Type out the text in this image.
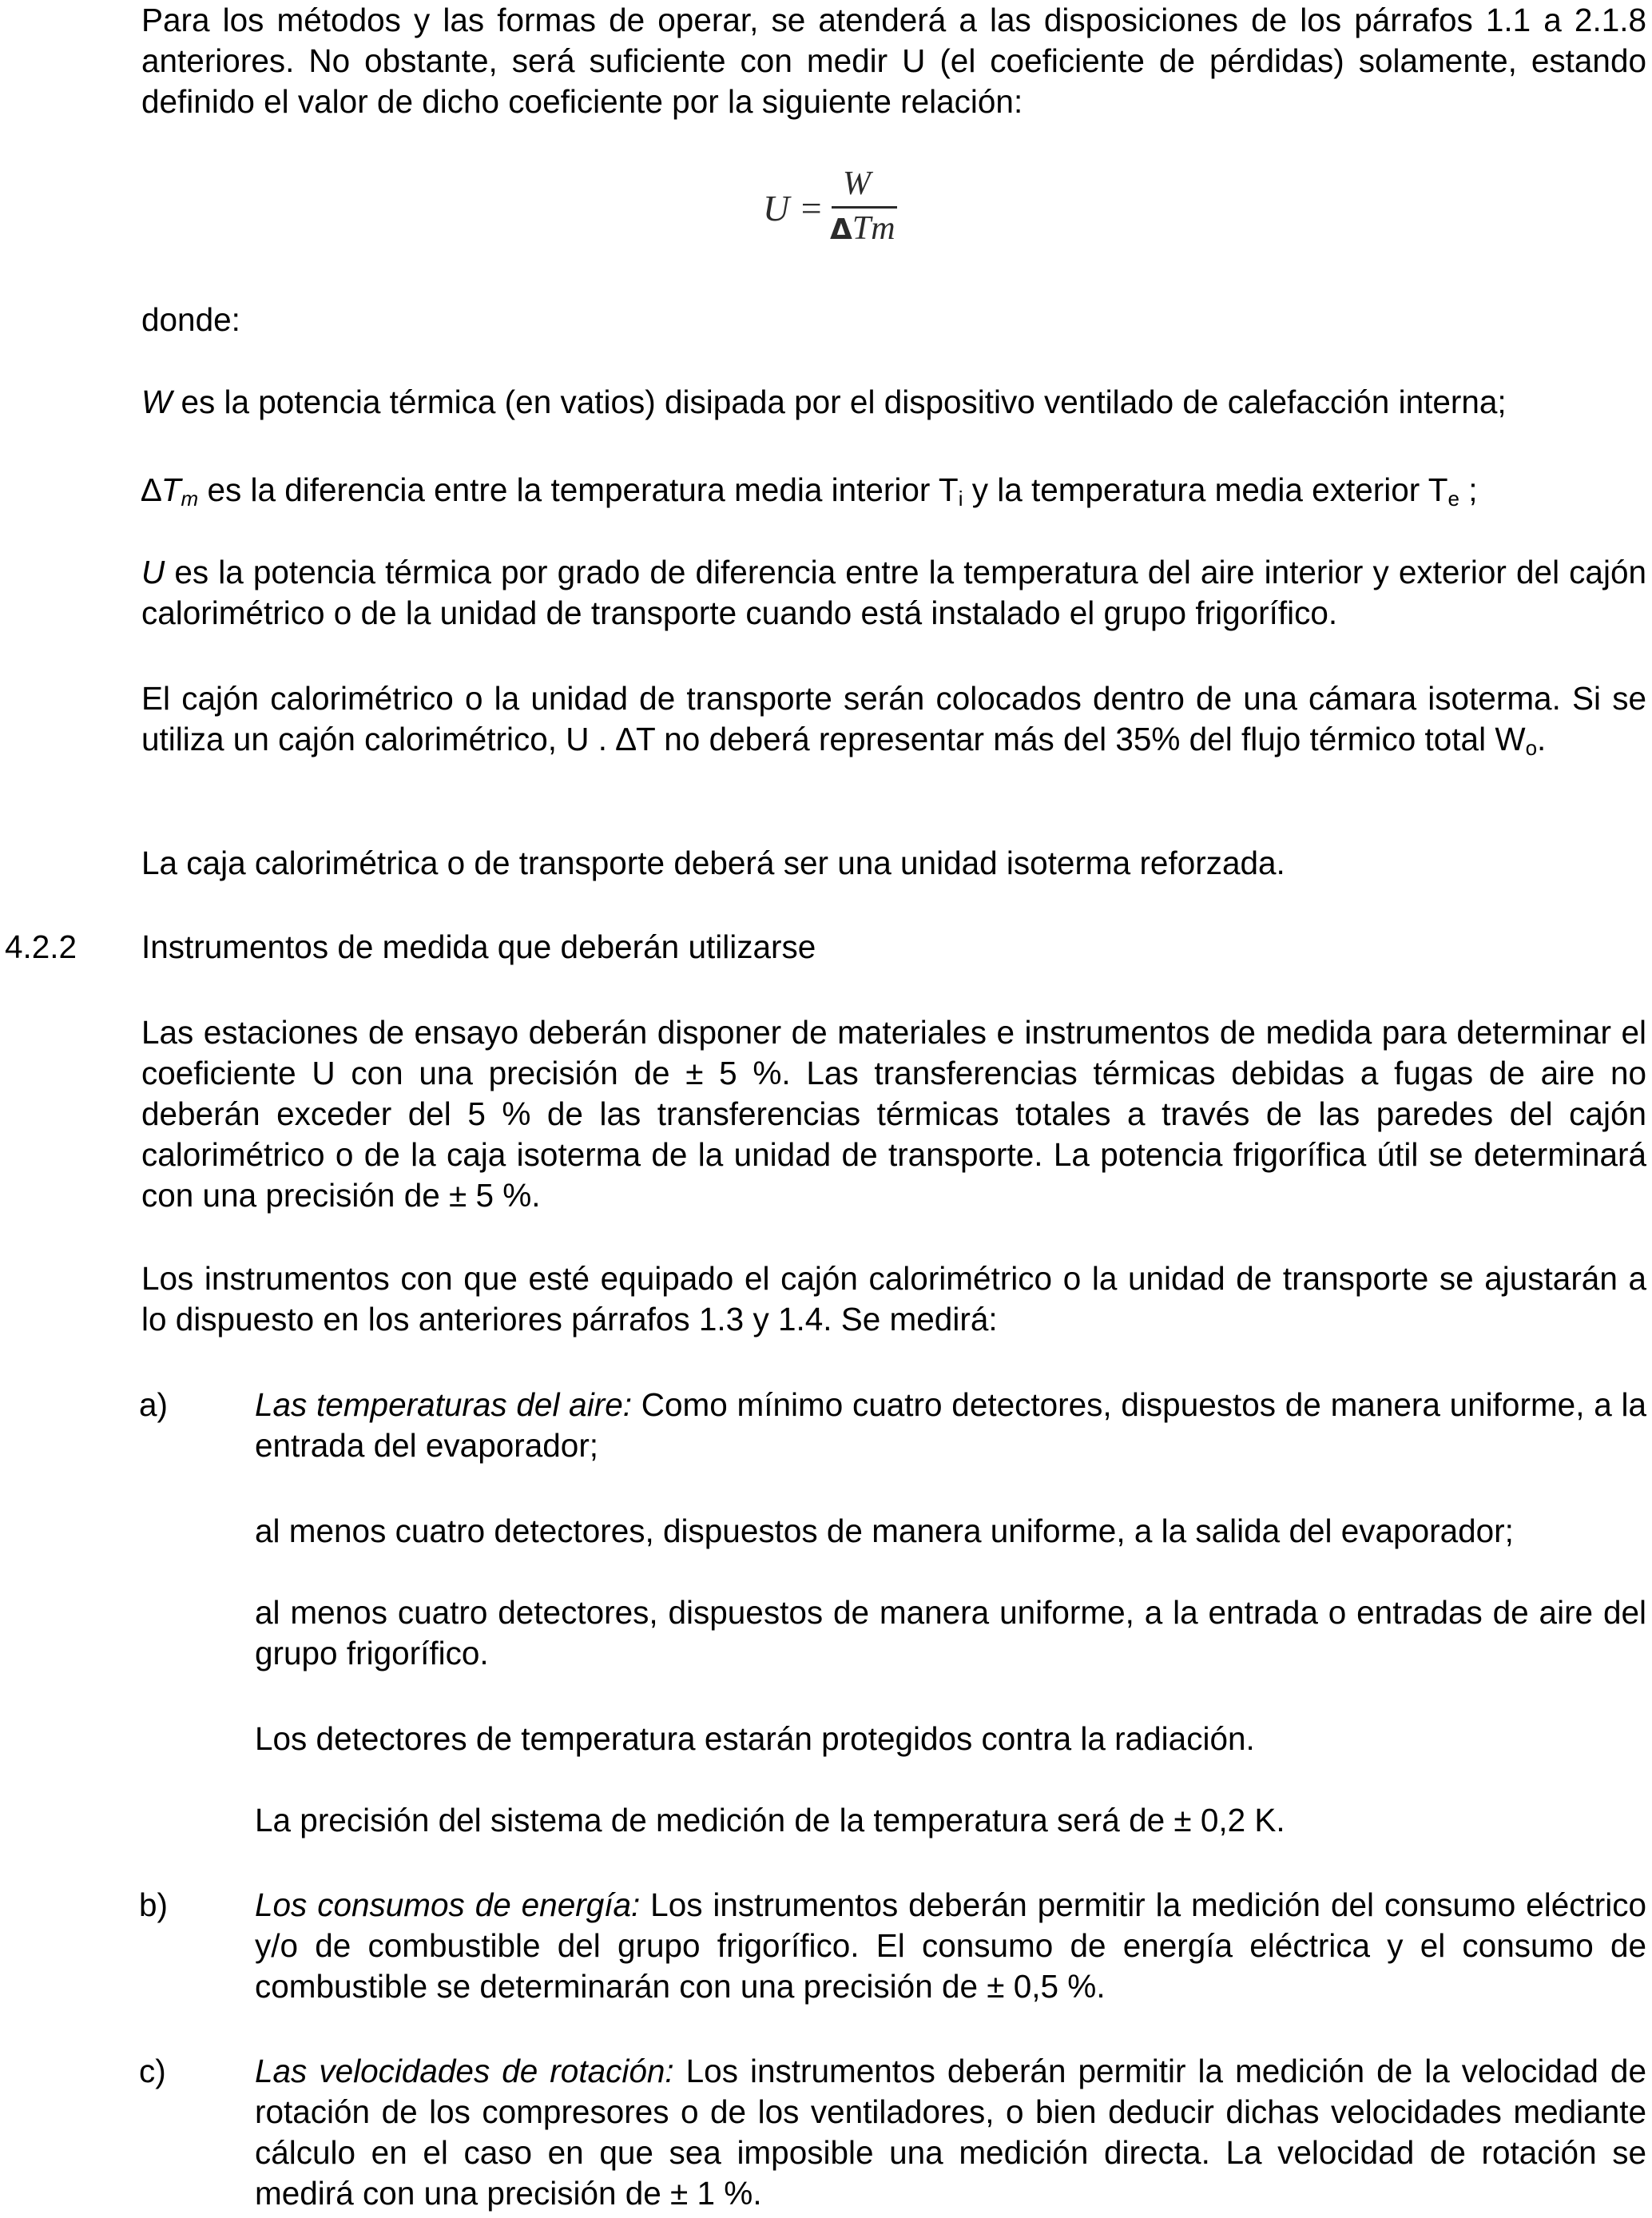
Para los métodos y las formas de operar, se atenderá a las disposiciones de los párrafos 1.1 a 2.1.8 anteriores. No obstante, será suficiente con medir U (el coeficiente de pérdidas) solamente, estando definido el valor de dicho coeficiente por la siguiente relación:

U =
W
ΔTm

donde:

W es la potencia térmica (en vatios) disipada por el dispositivo ventilado de calefacción interna;

$\Delta T_m$ es la diferencia entre la temperatura media interior $T_i$ y la temperatura media exterior $T_e$ ;

U es la potencia térmica por grado de diferencia entre la temperatura del aire interior y exterior del cajón calorimétrico o de la unidad de transporte cuando está instalado el grupo frigorífico.

El cajón calorimétrico o la unidad de transporte serán colocados dentro de una cámara isoterma. Si se utiliza un cajón calorimétrico, U . ∆T no deberá representar más del 35% del flujo térmico total $W_o$.

La caja calorimétrica o de transporte deberá ser una unidad isoterma reforzada.

4.2.2 Instrumentos de medida que deberán utilizarse

Las estaciones de ensayo deberán disponer de materiales e instrumentos de medida para determinar el coeficiente U con una precisión de ± 5 %. Las transferencias térmicas debidas a fugas de aire no deberán exceder del 5 % de las transferencias térmicas totales a través de las paredes del cajón calorimétrico o de la caja isoterma de la unidad de transporte. La potencia frigorífica útil se determinará con una precisión de ± 5 %.

Los instrumentos con que esté equipado el cajón calorimétrico o la unidad de transporte se ajustarán a lo dispuesto en los anteriores párrafos 1.3 y 1.4. Se medirá:

a)	Las temperaturas del aire: Como mínimo cuatro detectores, dispuestos de manera uniforme, a la entrada del evaporador;

al menos cuatro detectores, dispuestos de manera uniforme, a la salida del evaporador;

al menos cuatro detectores, dispuestos de manera uniforme, a la entrada o entradas de aire del grupo frigorífico.

Los detectores de temperatura estarán protegidos contra la radiación.

La precisión del sistema de medición de la temperatura será de ± 0,2 K.

b)	Los consumos de energía: Los instrumentos deberán permitir la medición del consumo eléctrico y/o de combustible del grupo frigorífico. El consumo de energía eléctrica y el consumo de combustible se determinarán con una precisión de ± 0,5 %.

c)	Las velocidades de rotación: Los instrumentos deberán permitir la medición de la velocidad de rotación de los compresores o de los ventiladores, o bien deducir dichas velocidades mediante cálculo en el caso en que sea imposible una medición directa. La velocidad de rotación se medirá con una precisión de ± 1 %.
